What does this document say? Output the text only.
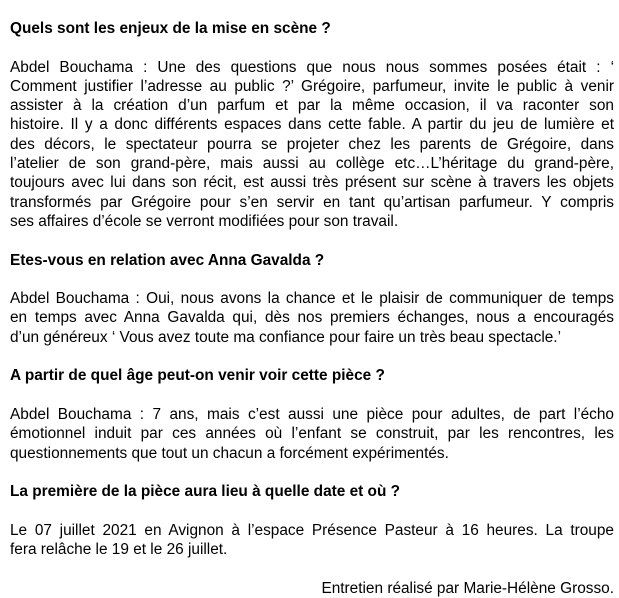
Quels sont les enjeux de la mise en scène ?

Abdel Bouchama : Une des questions que nous nous sommes posées était : ‘
Comment justifier l’adresse au public ?’ Grégoire, parfumeur, invite le public à venir
assister à la création d’un parfum et par la même occasion, il va raconter son
histoire. Il y a donc différents espaces dans cette fable. A partir du jeu de lumière et
des décors, le spectateur pourra se projeter chez les parents de Grégoire, dans
l’atelier de son grand-père, mais aussi au collège etc…L’héritage du grand-père,
toujours avec lui dans son récit, est aussi très présent sur scène à travers les objets
transformés par Grégoire pour s’en servir en tant qu’artisan parfumeur. Y compris
ses affaires d’école se verront modifiées pour son travail.

Etes-vous en relation avec Anna Gavalda ?

Abdel Bouchama : Oui, nous avons la chance et le plaisir de communiquer de temps
en temps avec Anna Gavalda qui, dès nos premiers échanges, nous a encouragés
d’un généreux ‘ Vous avez toute ma confiance pour faire un très beau spectacle.’

A partir de quel âge peut-on venir voir cette pièce ?

Abdel Bouchama : 7 ans, mais c’est aussi une pièce pour adultes, de part l’écho
émotionnel induit par ces années où l’enfant se construit, par les rencontres, les
questionnements que tout un chacun a forcément expérimentés.

La première de la pièce aura lieu à quelle date et où ?

Le 07 juillet 2021 en Avignon à l’espace Présence Pasteur à 16 heures. La troupe
fera relâche le 19 et le 26 juillet.

Entretien réalisé par Marie-Hélène Grosso.
